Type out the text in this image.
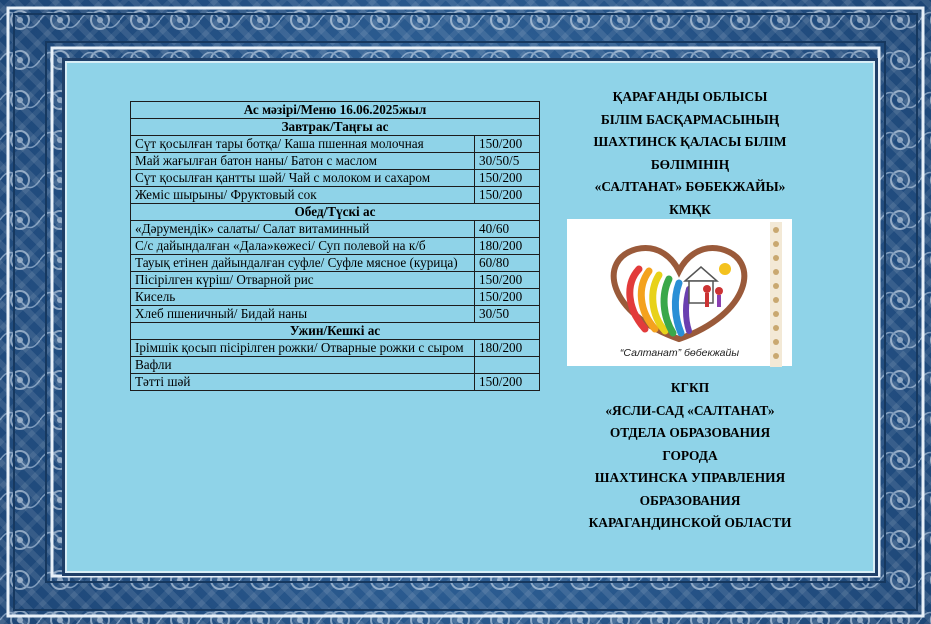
Ас мәзірі/Меню 16.06.2025жыл	
Завтрак/Таңғы ас	
Сүт қосылған тары ботқа/ Каша пшенная молочная	150/200
Май жағылған батон наны/ Батон с маслом	30/50/5
Сүт қосылған қантты шәй/ Чай с молоком и сахаром	150/200
Жеміс шырыны/ Фруктовый сок	150/200
Обед/Түскі ас	
«Дәрумендік» салаты/ Салат витаминный	40/60
С/с дайындалған «Дала»көжесі/ Суп полевой на к/б	180/200
Тауық етінен дайындалған суфле/ Суфле мясное (курица)	60/80
Пісірілген күріш/ Отварной рис	150/200
Кисель	150/200
Хлеб пшеничный/ Бидай наны	30/50
Ужин/Кешкі ас	
Ірімшік қосып пісірілген рожки/ Отварные рожки с сыром	180/200
Вафли	
Тәтті шәй	150/200
ҚАРАҒАНДЫ ОБЛЫСЫ
БІЛІМ БАСҚАРМАСЫНЫҢ
ШАХТИНСК ҚАЛАСЫ БІЛІМ
БӨЛІМІНІҢ
«САЛТАНАТ» БӨБЕКЖАЙЫ»
КМҚК
“Салтанат” бөбекжайы
КГКП
«ЯСЛИ-САД «САЛТАНАТ»
ОТДЕЛА ОБРАЗОВАНИЯ
ГОРОДА
ШАХТИНСКА УПРАВЛЕНИЯ
ОБРАЗОВАНИЯ
КАРАГАНДИНСКОЙ ОБЛАСТИ
